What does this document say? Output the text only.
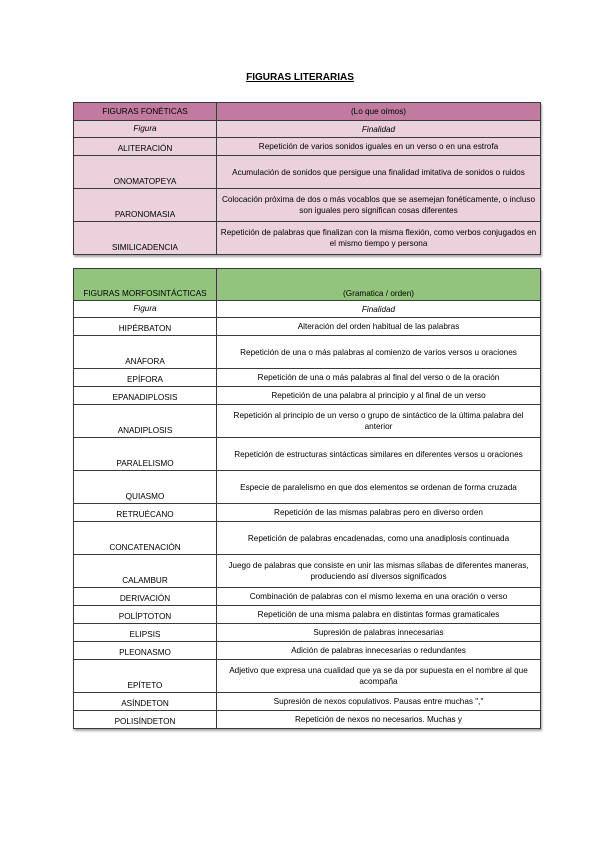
FIGURAS LITERARIAS
FIGURAS FONÉTICAS	(Lo que oímos)
Figura	Finalidad
ALITERACIÓN	Repetición de varios sonidos iguales en un verso o en una estrofa
ONOMATOPEYA	Acumulación de sonidos que persigue una finalidad imitativa de sonidos o ruidos
PARONOMASIA	Colocación próxima de dos o más vocablos que se asemejan fonéticamente, o incluso son iguales pero significan cosas diferentes
SIMILICADENCIA	Repetición de palabras que finalizan con la misma flexión, como verbos conjugados en el mismo tiempo y persona
FIGURAS MORFOSINTÁCTICAS	(Gramatica / orden)
Figura	Finalidad
HIPÉRBATON	Alteración del orden habitual de las palabras
ANÁFORA	Repetición de una o más palabras al comienzo de varios versos u oraciones
EPÍFORA	Repetición de una o más palabras al final del verso o de la oración
EPANADIPLOSIS	Repetición de una palabra al principio y al final de un verso
ANADIPLOSIS	Repetición al principio de un verso o grupo de sintáctico de la última palabra del anterior
PARALELISMO	Repetición de estructuras sintácticas similares en diferentes versos u oraciones
QUIASMO	Especie de paralelismo en que dos elementos se ordenan de forma cruzada
RETRUÉCANO	Repetición de las mismas palabras pero en diverso orden
CONCATENACIÓN	Repetición de palabras encadenadas, como una anadiplosis continuada
CALAMBUR	Juego de palabras que consiste en unir las mismas sílabas de diferentes maneras, produciendo así diversos significados
DERIVACIÓN	Combinación de palabras con el mismo lexema en una oración o verso
POLÍPTOTON	Repetición de una misma palabra en distintas formas gramaticales
ELIPSIS	Supresión de palabras innecesarias
PLEONASMO	Adición de palabras innecesarias o redundantes
EPÍTETO	Adjetivo que expresa una cualidad que ya se da por supuesta en el nombre al que acompaña
ASÍNDETON	Supresión de nexos copulativos. Pausas entre muchas ","
POLISÍNDETON	Repetición de nexos no necesarios. Muchas y
